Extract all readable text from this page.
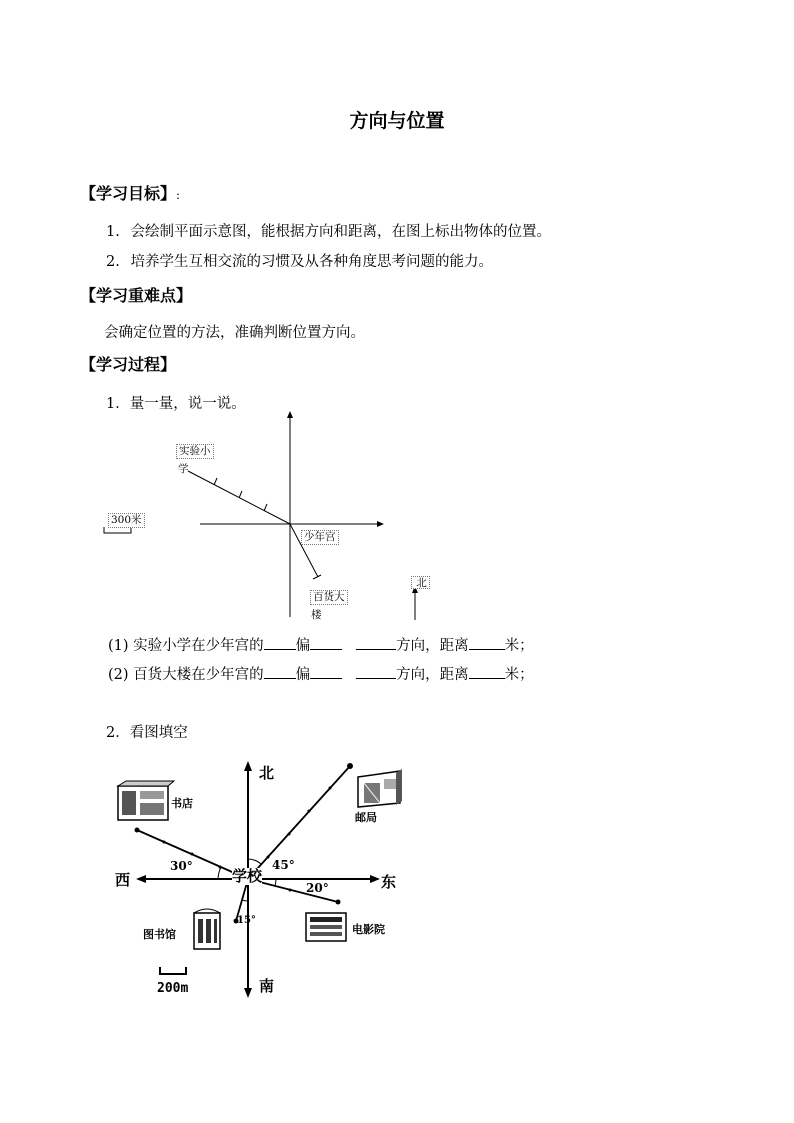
方向与位置
【学习目标】:
1. 会绘制平面示意图，能根据方向和距离，在图上标出物体的位置。
2. 培养学生互相交流的习惯及从各种角度思考问题的能力。
【学习重难点】
会确定位置的方法，准确判断位置方向。
【学习过程】
1．量一量，说一说。
实验小
学
少年宫
百货大
楼
300米
北
(1) 实验小学在少年宫的 偏	方向，距离 米；
(2) 百货大楼在少年宫的 偏	方向，距离 米；
2．看图填空
北
南
东
西	学校
书店
邮局
图书馆	电影院
30°	45°
20°
15°
200m
